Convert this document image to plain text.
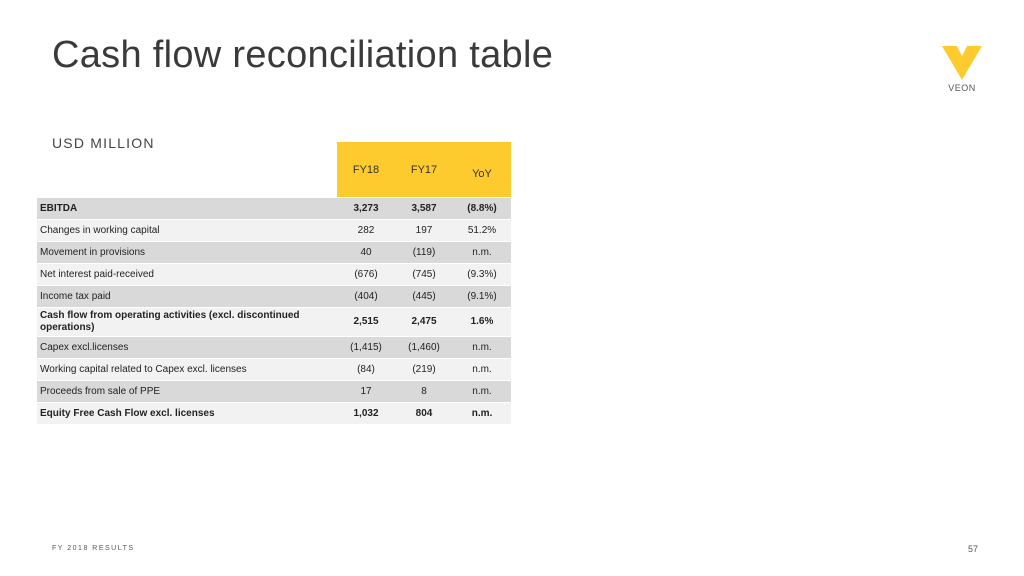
Cash flow reconciliation table
VEON
USD MILLION
	FY18	FY17	YoY
EBITDA	3,273	3,587	(8.8%)
Changes in working capital	282	197	51.2%
Movement in provisions	40	(119)	n.m.
Net interest paid-received	(676)	(745)	(9.3%)
Income tax paid	(404)	(445)	(9.1%)
Cash flow from operating activities (excl. discontinued operations)	2,515	2,475	1.6%
Capex excl.licenses	(1,415)	(1,460)	n.m.
Working capital related to Capex excl. licenses	(84)	(219)	n.m.
Proceeds from sale of PPE	17	8	n.m.
Equity Free Cash Flow excl. licenses	1,032	804	n.m.
FY 2018 RESULTS	57
